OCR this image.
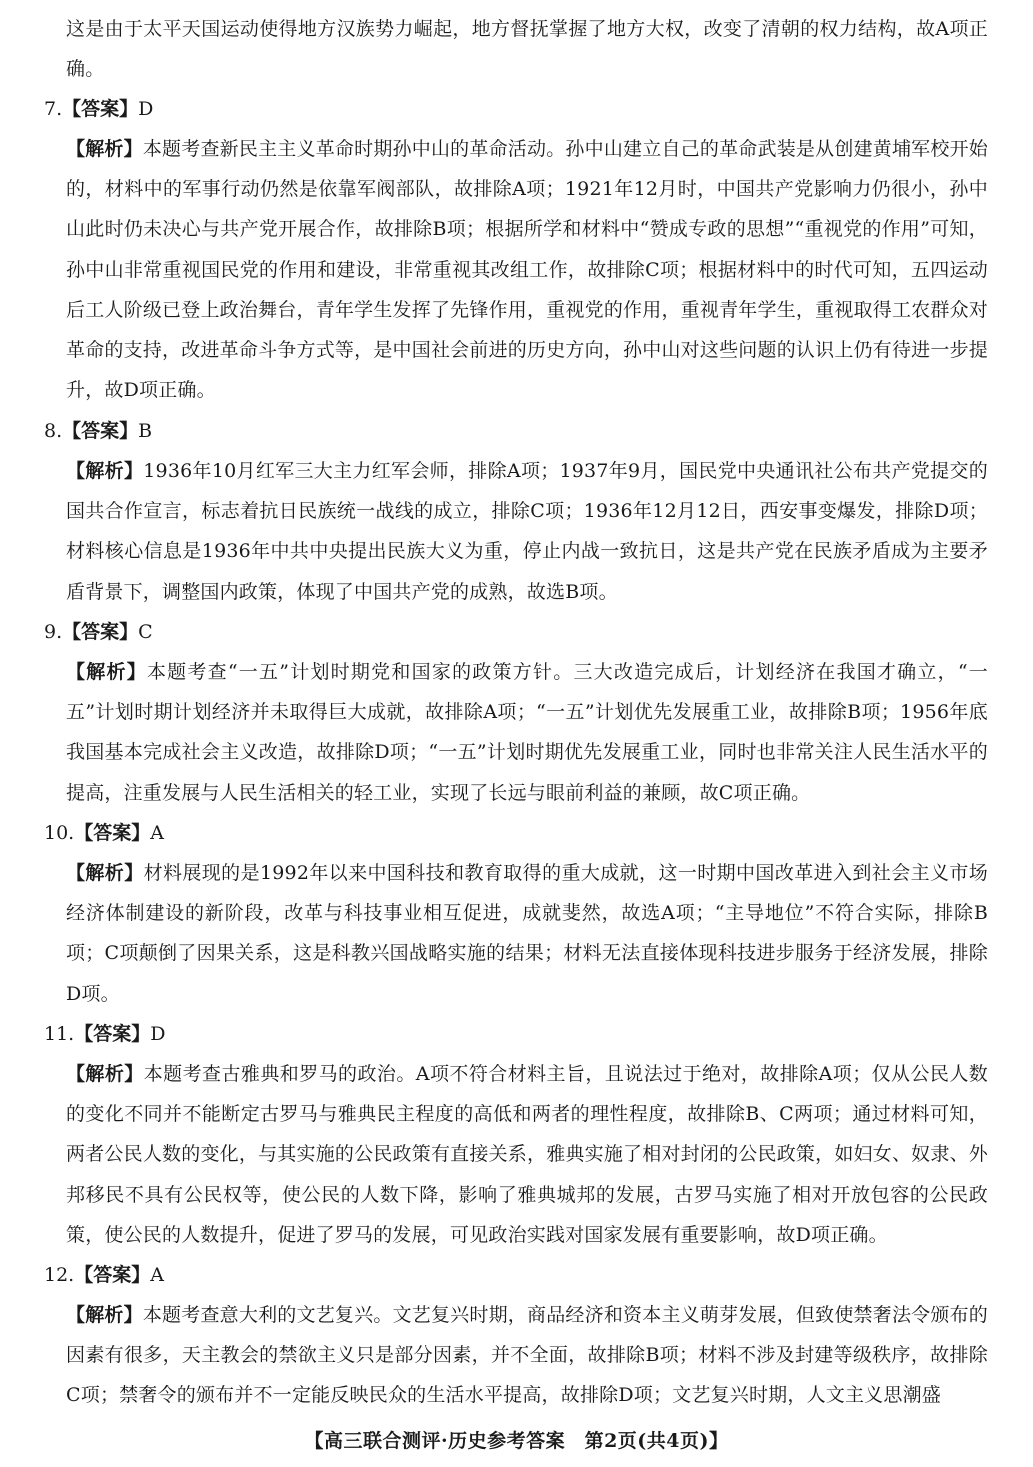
这是由于太平天国运动使得地方汉族势力崛起，地方督抚掌握了地方大权，改变了清朝的权力结构，故A项正确。

7.【答案】D

【解析】本题考查新民主主义革命时期孙中山的革命活动。孙中山建立自己的革命武装是从创建黄埔军校开始的，材料中的军事行动仍然是依靠军阀部队，故排除A项；1921年12月时，中国共产党影响力仍很小，孙中山此时仍未决心与共产党开展合作，故排除B项；根据所学和材料中“赞成专政的思想”“重视党的作用”可知，孙中山非常重视国民党的作用和建设，非常重视其改组工作，故排除C项；根据材料中的时代可知，五四运动后工人阶级已登上政治舞台，青年学生发挥了先锋作用，重视党的作用，重视青年学生，重视取得工农群众对革命的支持，改进革命斗争方式等，是中国社会前进的历史方向，孙中山对这些问题的认识上仍有待进一步提升，故D项正确。

8.【答案】B

【解析】1936年10月红军三大主力红军会师，排除A项；1937年9月，国民党中央通讯社公布共产党提交的国共合作宣言，标志着抗日民族统一战线的成立，排除C项；1936年12月12日，西安事变爆发，排除D项；材料核心信息是1936年中共中央提出民族大义为重，停止内战一致抗日，这是共产党在民族矛盾成为主要矛盾背景下，调整国内政策，体现了中国共产党的成熟，故选B项。

9.【答案】C

【解析】本题考查“一五”计划时期党和国家的政策方针。三大改造完成后，计划经济在我国才确立，“一五”计划时期计划经济并未取得巨大成就，故排除A项；“一五”计划优先发展重工业，故排除B项；1956年底我国基本完成社会主义改造，故排除D项；“一五”计划时期优先发展重工业，同时也非常关注人民生活水平的提高，注重发展与人民生活相关的轻工业，实现了长远与眼前利益的兼顾，故C项正确。

10.【答案】A

【解析】材料展现的是1992年以来中国科技和教育取得的重大成就，这一时期中国改革进入到社会主义市场经济体制建设的新阶段，改革与科技事业相互促进，成就斐然，故选A项；“主导地位”不符合实际，排除B项；C项颠倒了因果关系，这是科教兴国战略实施的结果；材料无法直接体现科技进步服务于经济发展，排除D项。

11.【答案】D

【解析】本题考查古雅典和罗马的政治。A项不符合材料主旨，且说法过于绝对，故排除A项；仅从公民人数的变化不同并不能断定古罗马与雅典民主程度的高低和两者的理性程度，故排除B、C两项；通过材料可知，两者公民人数的变化，与其实施的公民政策有直接关系，雅典实施了相对封闭的公民政策，如妇女、奴隶、外邦移民不具有公民权等，使公民的人数下降，影响了雅典城邦的发展，古罗马实施了相对开放包容的公民政策，使公民的人数提升，促进了罗马的发展，可见政治实践对国家发展有重要影响，故D项正确。

12.【答案】A

【解析】本题考查意大利的文艺复兴。文艺复兴时期，商品经济和资本主义萌芽发展，但致使禁奢法令颁布的因素有很多，天主教会的禁欲主义只是部分因素，并不全面，故排除B项；材料不涉及封建等级秩序，故排除C项；禁奢令的颁布并不一定能反映民众的生活水平提高，故排除D项；文艺复兴时期，人文主义思潮盛

【高三联合测评·历史参考答案　第2页(共4页)】
